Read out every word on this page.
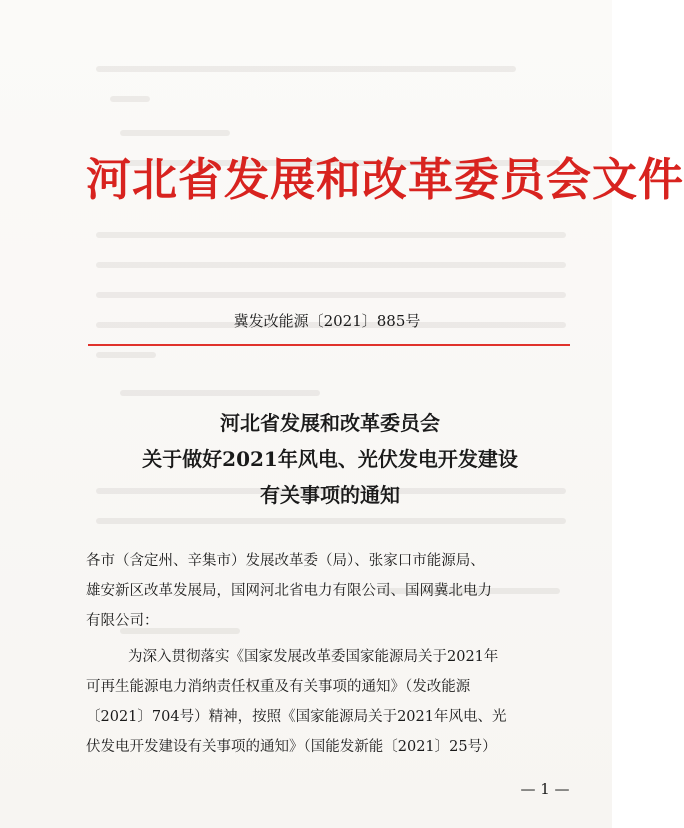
河北省发展和改革委员会文件
冀发改能源〔2021〕885号
河北省发展和改革委员会
关于做好2021年风电、光伏发电开发建设
有关事项的通知
各市（含定州、辛集市）发展改革委（局）、张家口市能源局、
雄安新区改革发展局，国网河北省电力有限公司、国网冀北电力
有限公司：
为深入贯彻落实《国家发展改革委国家能源局关于2021年
可再生能源电力消纳责任权重及有关事项的通知》（发改能源
〔2021〕704号）精神，按照《国家能源局关于2021年风电、光
伏发电开发建设有关事项的通知》（国能发新能〔2021〕25号）
— 1 —
